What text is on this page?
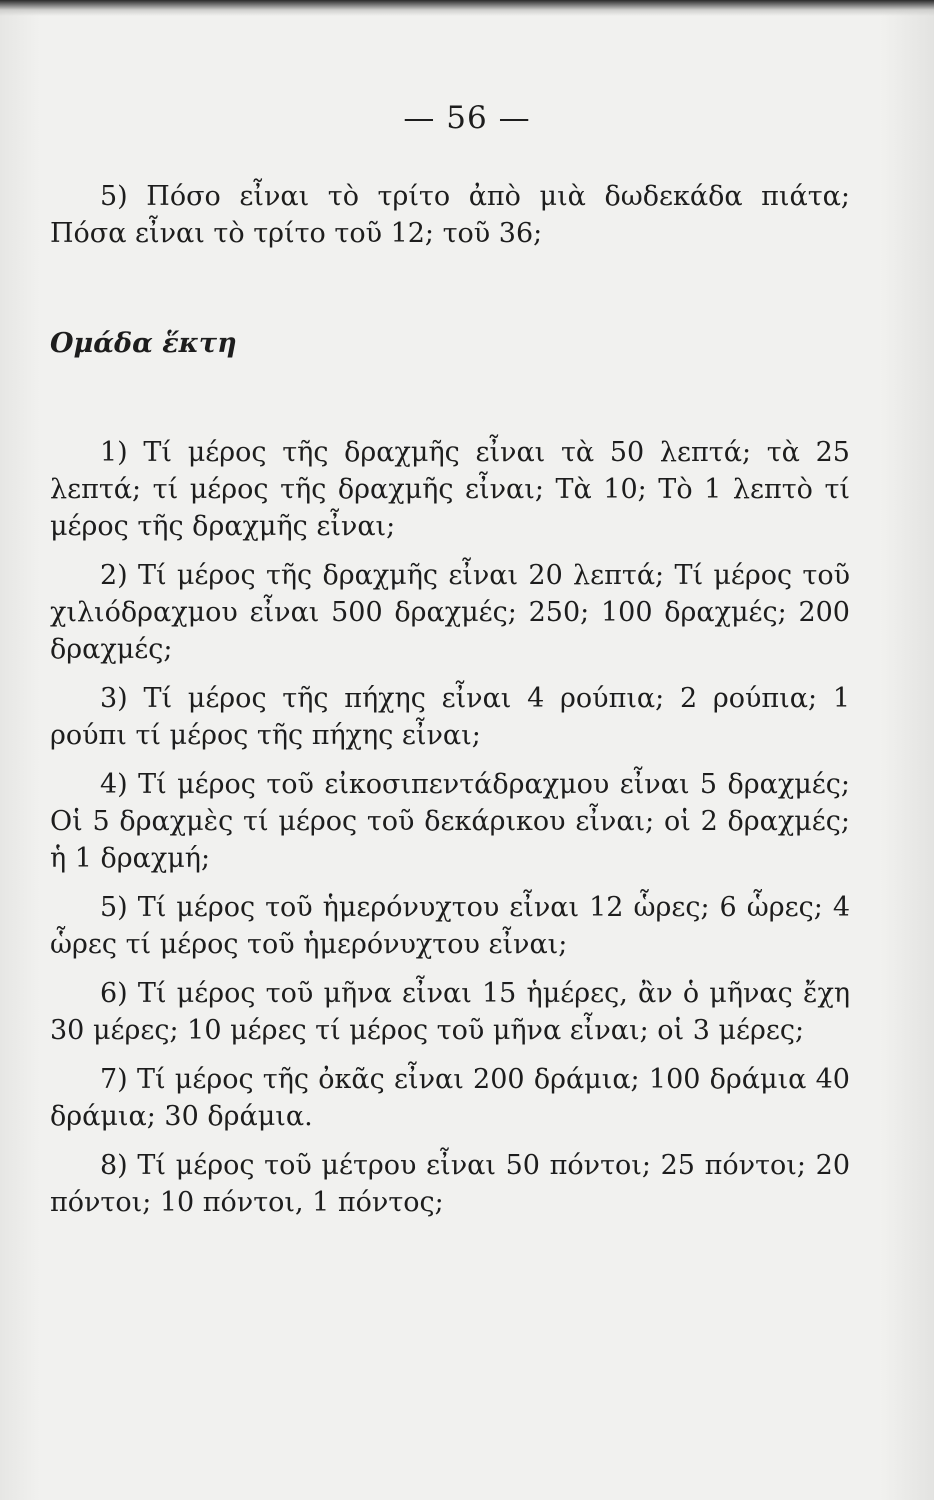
— 56 —

5) Πόσο εἶναι τὸ τρίτο ἀπὸ μιὰ δωδεκάδα πιάτα; Πόσα εἶναι τὸ τρίτο τοῦ 12; τοῦ 36;

Ομάδα ἕκτη

1) Τί μέρος τῆς δραχμῆς εἶναι τὰ 50 λεπτά; τὰ 25 λεπτά; τί μέρος τῆς δραχμῆς εἶναι; Τὰ 10; Τὸ 1 λεπτὸ τί μέρος τῆς δραχμῆς εἶναι;

2) Τί μέρος τῆς δραχμῆς εἶναι 20 λεπτά; Τί μέρος τοῦ χιλιόδραχμου εἶναι 500 δραχμές; 250; 100 δραχμές; 200 δραχμές;

3) Τί μέρος τῆς πήχης εἶναι 4 ρούπια; 2 ρούπια; 1 ρούπι τί μέρος τῆς πήχης εἶναι;

4) Τί μέρος τοῦ εἰκοσιπεντάδραχμου εἶναι 5 δραχμές; Οἱ 5 δραχμὲς τί μέρος τοῦ δεκάρικου εἶναι; οἱ 2 δραχμές; ἡ 1 δραχμή;

5) Τί μέρος τοῦ ἡμερόνυχτου εἶναι 12 ὧρες; 6 ὧρες; 4 ὧρες τί μέρος τοῦ ἡμερόνυχτου εἶναι;

6) Τί μέρος τοῦ μῆνα εἶναι 15 ἡμέρες, ἂν ὁ μῆνας ἔχη 30 μέρες; 10 μέρες τί μέρος τοῦ μῆνα εἶναι; οἱ 3 μέρες;

7) Τί μέρος τῆς ὀκᾶς εἶναι 200 δράμια; 100 δράμια 40 δράμια; 30 δράμια.

8) Τί μέρος τοῦ μέτρου εἶναι 50 πόντοι; 25 πόντοι; 20 πόντοι; 10 πόντοι, 1 πόντος;
